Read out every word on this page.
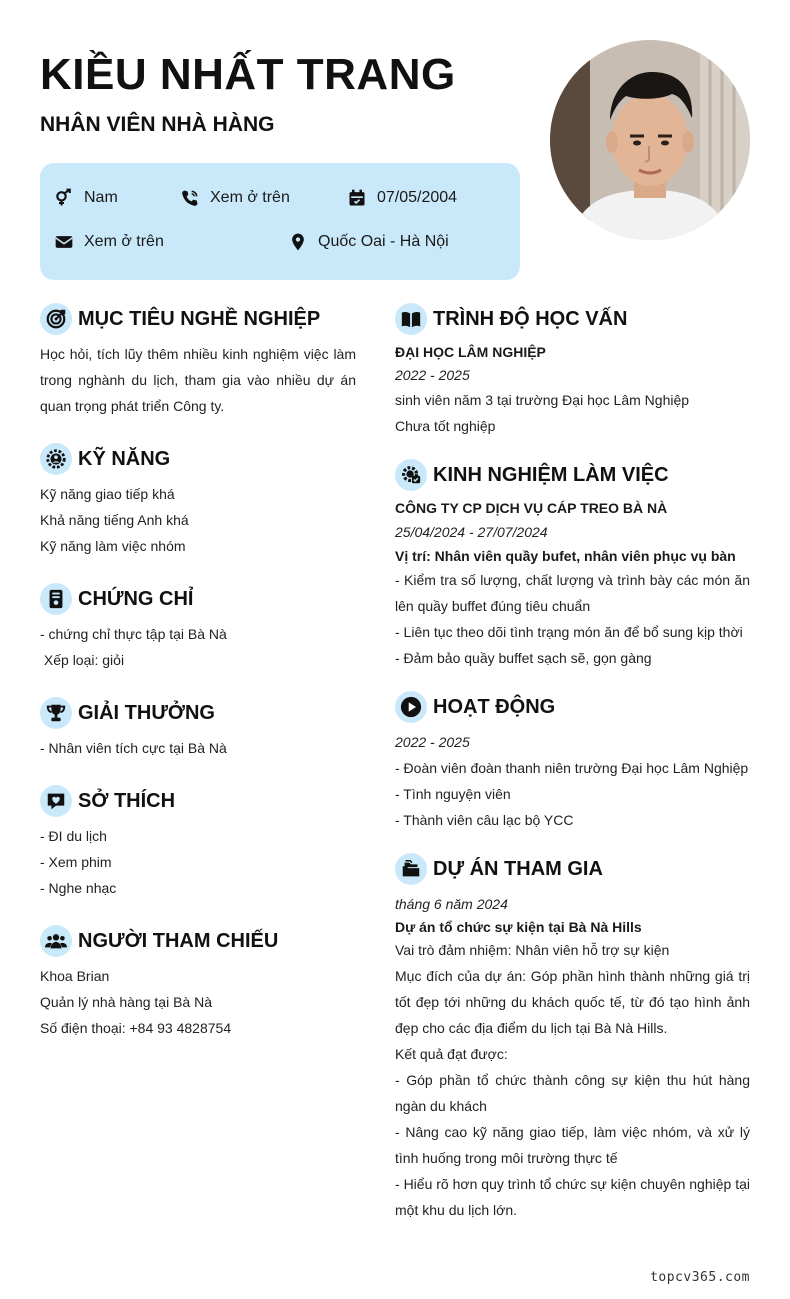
KIỀU NHẤT TRANG
NHÂN VIÊN NHÀ HÀNG
Nam	Xem ở trên	07/05/2004
Xem ở trên	Quốc Oai - Hà Nội
MỤC TIÊU NGHỀ NGHIỆP
Học hỏi, tích lũy thêm nhiều kinh nghiệm việc làm trong nghành du lịch, tham gia vào nhiều dự án quan trọng phát triển Công ty.
KỸ NĂNG
Kỹ năng giao tiếp khá
Khả năng tiếng Anh khá
Kỹ năng làm việc nhóm
CHỨNG CHỈ
- chứng chỉ thực tập tại Bà Nà
Xếp loại: giỏi
GIẢI THƯỞNG
- Nhân viên tích cực tại Bà Nà
SỞ THÍCH
- ĐI du lịch
- Xem phim
- Nghe nhạc
NGƯỜI THAM CHIẾU
Khoa Brian
Quản lý nhà hàng tại Bà Nà
Số điện thoại: +84 93 4828754
TRÌNH ĐỘ HỌC VẤN
ĐẠI HỌC LÂM NGHIỆP
2022 - 2025
sinh viên năm 3 tại trường Đại học Lâm Nghiệp
Chưa tốt nghiệp
KINH NGHIỆM LÀM VIỆC
CÔNG TY CP DỊCH VỤ CÁP TREO BÀ NÀ
25/04/2024 - 27/07/2024
Vị trí: Nhân viên quầy bufet, nhân viên phục vụ bàn
- Kiểm tra số lượng, chất lượng và trình bày các món ăn lên quầy buffet đúng tiêu chuẩn
- Liên tục theo dõi tình trạng món ăn để bổ sung kịp thời
- Đảm bảo quầy buffet sạch sẽ, gọn gàng
HOẠT ĐỘNG
2022 - 2025
- Đoàn viên đoàn thanh niên trường Đại học Lâm Nghiệp
- Tình nguyện viên
- Thành viên câu lạc bộ YCC
DỰ ÁN THAM GIA
tháng 6 năm 2024
Dự án tổ chức sự kiện tại Bà Nà Hills
Vai trò đảm nhiệm: Nhân viên hỗ trợ sự kiện
Mục đích của dự án: Góp phần hình thành những giá trị tốt đẹp tới những du khách quốc tế, từ đó tạo hình ảnh đẹp cho các địa điểm du lịch tại Bà Nà Hills.
Kết quả đạt được:
- Góp phần tổ chức thành công sự kiện thu hút hàng ngàn du khách
- Nâng cao kỹ năng giao tiếp, làm việc nhóm, và xử lý tình huống trong môi trường thực tế
- Hiểu rõ hơn quy trình tổ chức sự kiện chuyên nghiệp tại một khu du lịch lớn.
topcv365.com
